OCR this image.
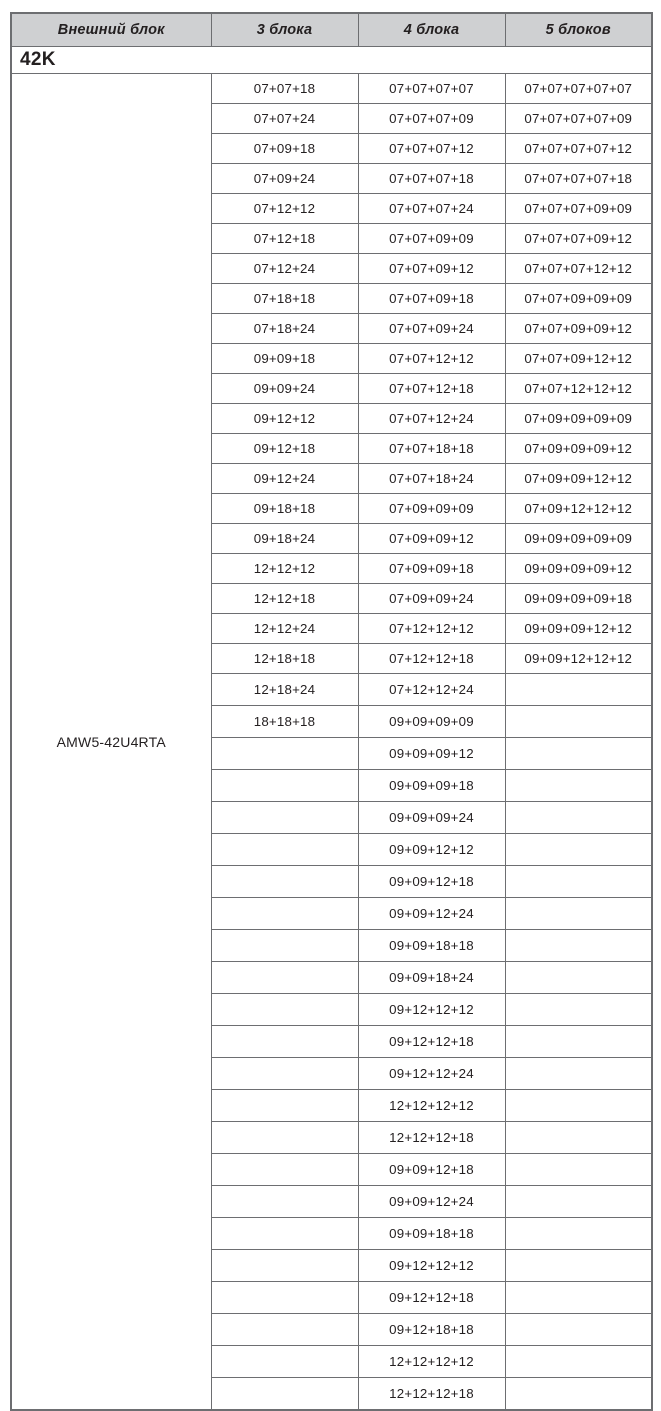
Внешний блок	3 блока	4 блока	5 блоков
42K			
AMW5-42U4RTA	07+07+18	07+07+07+07	07+07+07+07+07
	07+07+24	07+07+07+09	07+07+07+07+09
	07+09+18	07+07+07+12	07+07+07+07+12
	07+09+24	07+07+07+18	07+07+07+07+18
	07+12+12	07+07+07+24	07+07+07+09+09
	07+12+18	07+07+09+09	07+07+07+09+12
	07+12+24	07+07+09+12	07+07+07+12+12
	07+18+18	07+07+09+18	07+07+09+09+09
	07+18+24	07+07+09+24	07+07+09+09+12
	09+09+18	07+07+12+12	07+07+09+12+12
	09+09+24	07+07+12+18	07+07+12+12+12
	09+12+12	07+07+12+24	07+09+09+09+09
	09+12+18	07+07+18+18	07+09+09+09+12
	09+12+24	07+07+18+24	07+09+09+12+12
	09+18+18	07+09+09+09	07+09+12+12+12
	09+18+24	07+09+09+12	09+09+09+09+09
	12+12+12	07+09+09+18	09+09+09+09+12
	12+12+18	07+09+09+24	09+09+09+09+18
	12+12+24	07+12+12+12	09+09+09+12+12
	12+18+18	07+12+12+18	09+09+12+12+12
	12+18+24	07+12+12+24	
	18+18+18	09+09+09+09	
		09+09+09+12	
		09+09+09+18	
		09+09+09+24	
		09+09+12+12	
		09+09+12+18	
		09+09+12+24	
		09+09+18+18	
		09+09+18+24	
		09+12+12+12	
		09+12+12+18	
		09+12+12+24	
		12+12+12+12	
		12+12+12+18	
		09+09+12+18	
		09+09+12+24	
		09+09+18+18	
		09+12+12+12	
		09+12+12+18	
		09+12+18+18	
		12+12+12+12	
		12+12+12+18	
